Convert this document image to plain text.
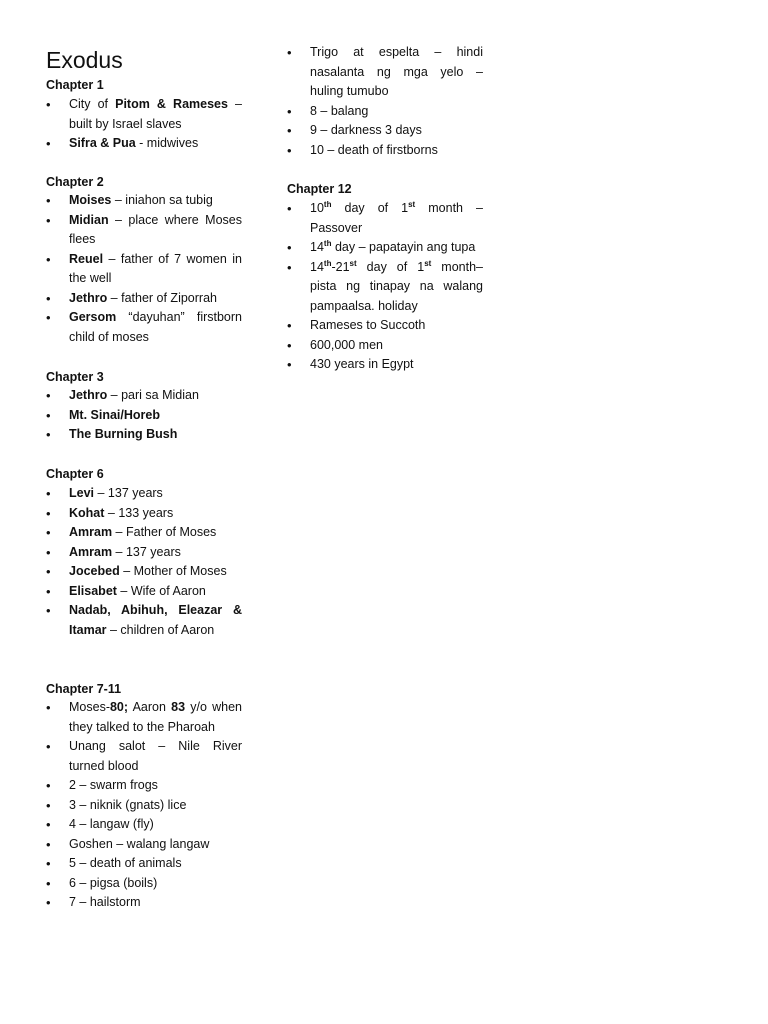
Exodus
Chapter 1
• City of Pitom & Rameses – built by Israel slaves
• Sifra & Pua - midwives
Chapter 2
• Moises – iniahon sa tubig
• Midian – place where Moses flees
• Reuel – father of 7 women in the well
• Jethro – father of Ziporrah
• Gersom “dayuhan” firstborn child of moses
Chapter 3
• Jethro – pari sa Midian
• Mt. Sinai/Horeb
• The Burning Bush
Chapter 6
• Levi – 137 years
• Kohat – 133 years
• Amram – Father of Moses
• Amram – 137 years
• Jocebed – Mother of Moses
• Elisabet – Wife of Aaron
• Nadab, Abihuh, Eleazar & Itamar – children of Aaron
Chapter 7-11
• Moses-80; Aaron 83 y/o when they talked to the Pharoah
• Unang salot – Nile River turned blood
• 2 – swarm frogs
• 3 – niknik (gnats) lice
• 4 – langaw (fly)
• Goshen – walang langaw
• 5 – death of animals
• 6 – pigsa (boils)
• 7 – hailstorm
• Trigo at espelta – hindi nasalanta ng mga yelo – huling tumubo
• 8 – balang
• 9 – darkness 3 days
• 10 – death of firstborns
Chapter 12
• 10th day of 1st month – Passover
• 14th day – papatayin ang tupa
• 14th-21st day of 1st month– pista ng tinapay na walang pampaalsa. holiday
• Rameses to Succoth
• 600,000 men
• 430 years in Egypt
